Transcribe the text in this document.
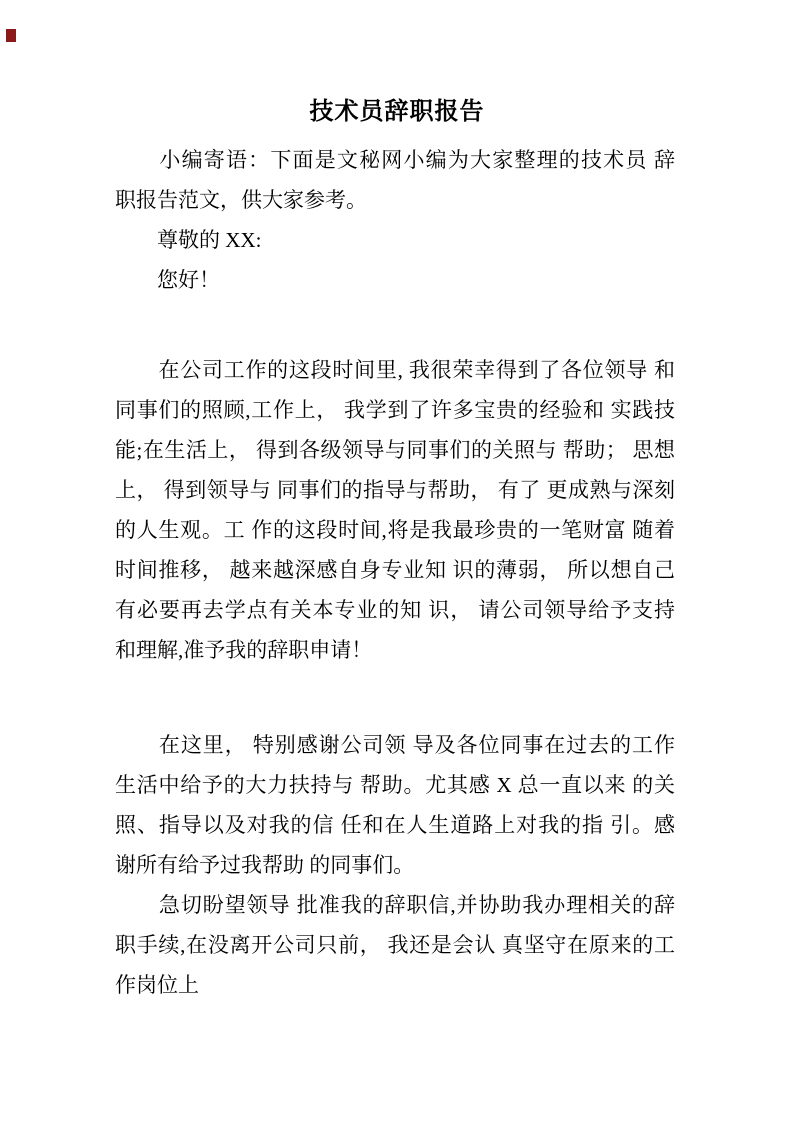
技术员辞职报告
　　小编寄语：下面是文秘网小编为大家整理的技术员 辞
职报告范文，供大家参考。
　　尊敬的 XX:
　　您好！
　　在公司工作的这段时间里, 我很荣幸得到了各位领导 和
同事们的照顾,工作上， 我学到了许多宝贵的经验和 实践技
能;在生活上， 得到各级领导与同事们的关照与 帮助； 思想
上， 得到领导与 同事们的指导与帮助， 有了 更成熟与深刻
的人生观。工 作的这段时间,将是我最珍贵的一笔财富 随着
时间推移， 越来越深感自身专业知 识的薄弱， 所以想自己
有必要再去学点有关本专业的知 识， 请公司领导给予支持
和理解,准予我的辞职申请！
　　在这里， 特别感谢公司领 导及各位同事在过去的工作
生活中给予的大力扶持与 帮助。尤其感 X 总一直以来 的关
照、指导以及对我的信 任和在人生道路上对我的指 引。感
谢所有给予过我帮助 的同事们。
　　急切盼望领导 批准我的辞职信,并协助我办理相关的辞
职手续,在没离开公司只前， 我还是会认 真坚守在原来的工
作岗位上
